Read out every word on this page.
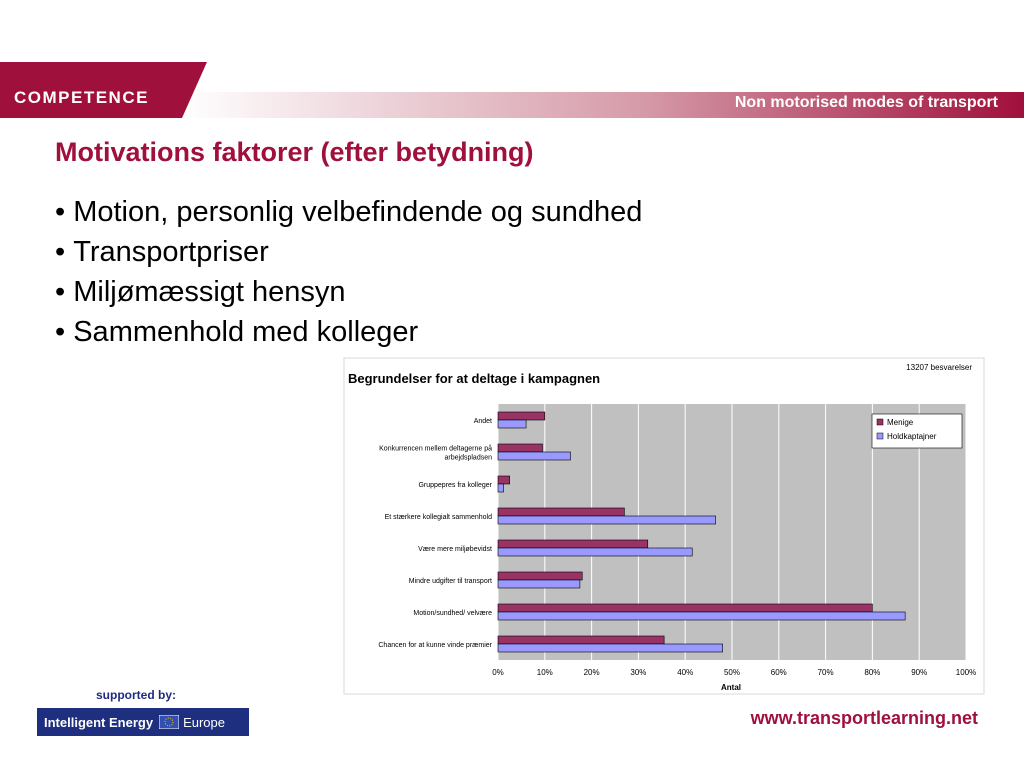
COMPETENCE	Non motorised modes of transport
Motivations faktorer (efter betydning)
• Motion, personlig velbefindende og sundhed
• Transportpriser
• Miljømæssigt hensyn
• Sammenhold med kolleger
Begrundelser for at deltage i kampagnen
13207 besvarelser
0%	10%	20%	30%	40%	50%	60%	70%	80%	90%	100%
Antal
Andet
Konkurrencen mellem deltagerne på arbejdspladsen
Gruppepres fra kolleger
Et stærkere kollegialt sammenhold
Være mere miljøbevidst
Mindre udgifter til transport
Motion/sundhed/ velvære
Chancen for at kunne vinde præmier
Menige
Holdkaptajner
supported by:
Intelligent Energy Europe	www.transportlearning.net
